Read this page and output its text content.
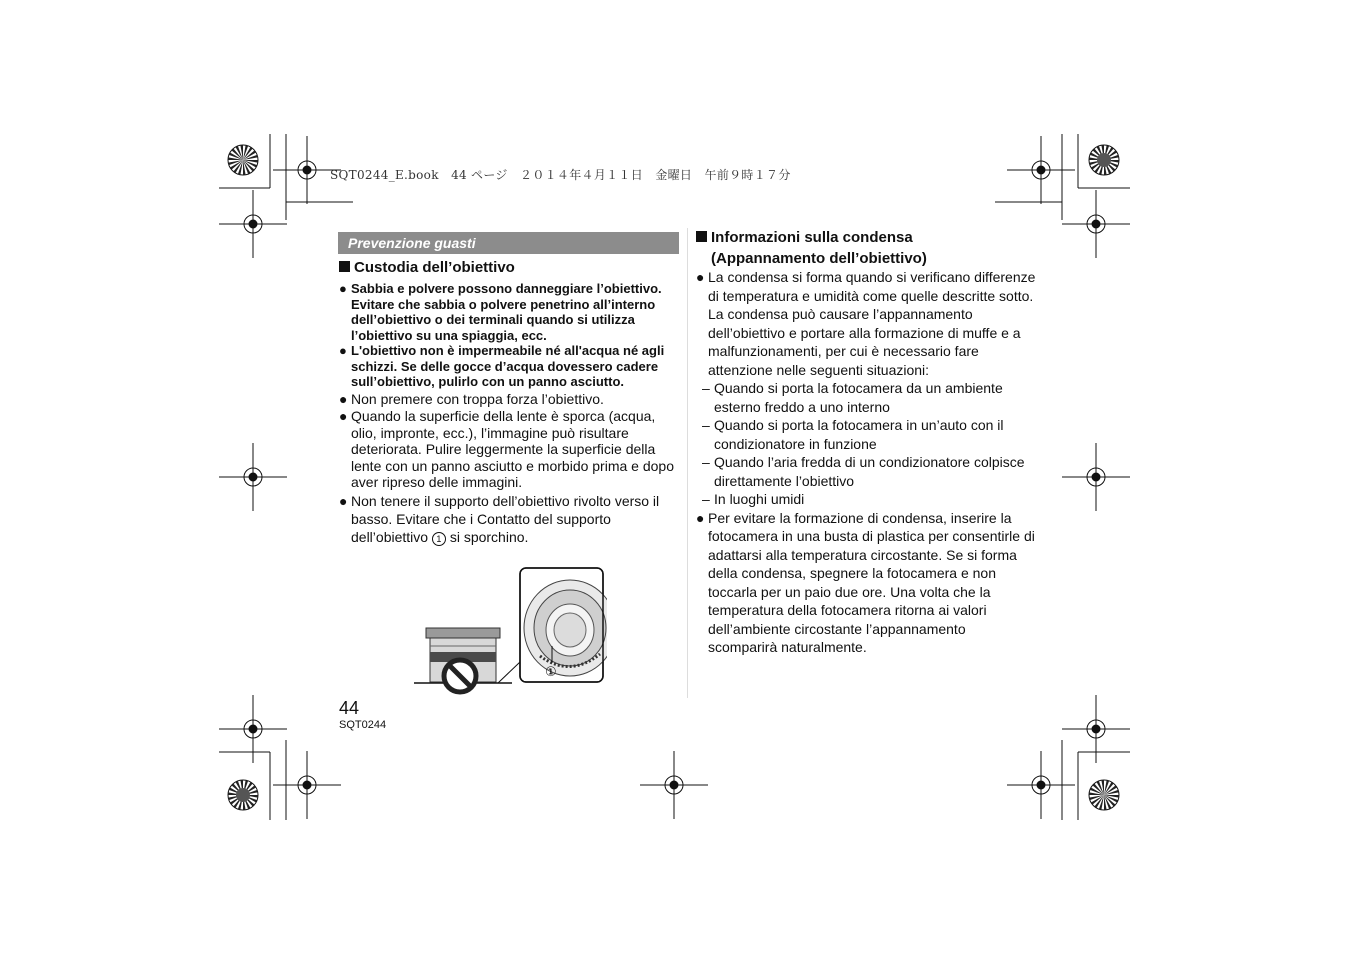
SQT0244_E.book　44 ページ　２０１４年４月１１日　金曜日　午前９時１７分
Prevenzione guasti
Custodia dell’obiettivo

● Sabbia e polvere possono danneggiare l’obiettivo. Evitare che sabbia o polvere penetrino all’interno dell’obiettivo o dei terminali quando si utilizza l’obiettivo su una spiaggia, ecc.

● L'obiettivo non è impermeabile né all'acqua né agli schizzi. Se delle gocce d’acqua dovessero cadere sull’obiettivo, pulirlo con un panno asciutto.

● Non premere con troppa forza l’obiettivo.

● Quando la superficie della lente è sporca (acqua, olio, impronte, ecc.), l’immagine può risultare deteriorata. Pulire leggermente la superficie della lente con un panno asciutto e morbido prima e dopo aver ripreso delle immagini.

● Non tenere il supporto dell’obiettivo rivolto verso il basso. Evitare che i Contatto del supporto dell’obiettivo 1 si sporchino.

①
Informazioni sulla condensa
(Appannamento dell’obiettivo)

● La condensa si forma quando si verificano differenze di temperatura e umidità come quelle descritte sotto. La condensa può causare l’appannamento dell’obiettivo e portare alla formazione di muffe e a malfunzionamenti, per cui è necessario fare attenzione nelle seguenti situazioni:

– Quando si porta la fotocamera da un ambiente esterno freddo a uno interno

– Quando si porta la fotocamera in un’auto con il condizionatore in funzione

– Quando l’aria fredda di un condizionatore colpisce direttamente l’obiettivo

– In luoghi umidi

● Per evitare la formazione di condensa, inserire la fotocamera in una busta di plastica per consentirle di adattarsi alla temperatura circostante. Se si forma della condensa, spegnere la fotocamera e non toccarla per un paio due ore. Una volta che la temperatura della fotocamera ritorna ai valori dell’ambiente circostante l’appannamento scomparirà naturalmente.

44
SQT0244
